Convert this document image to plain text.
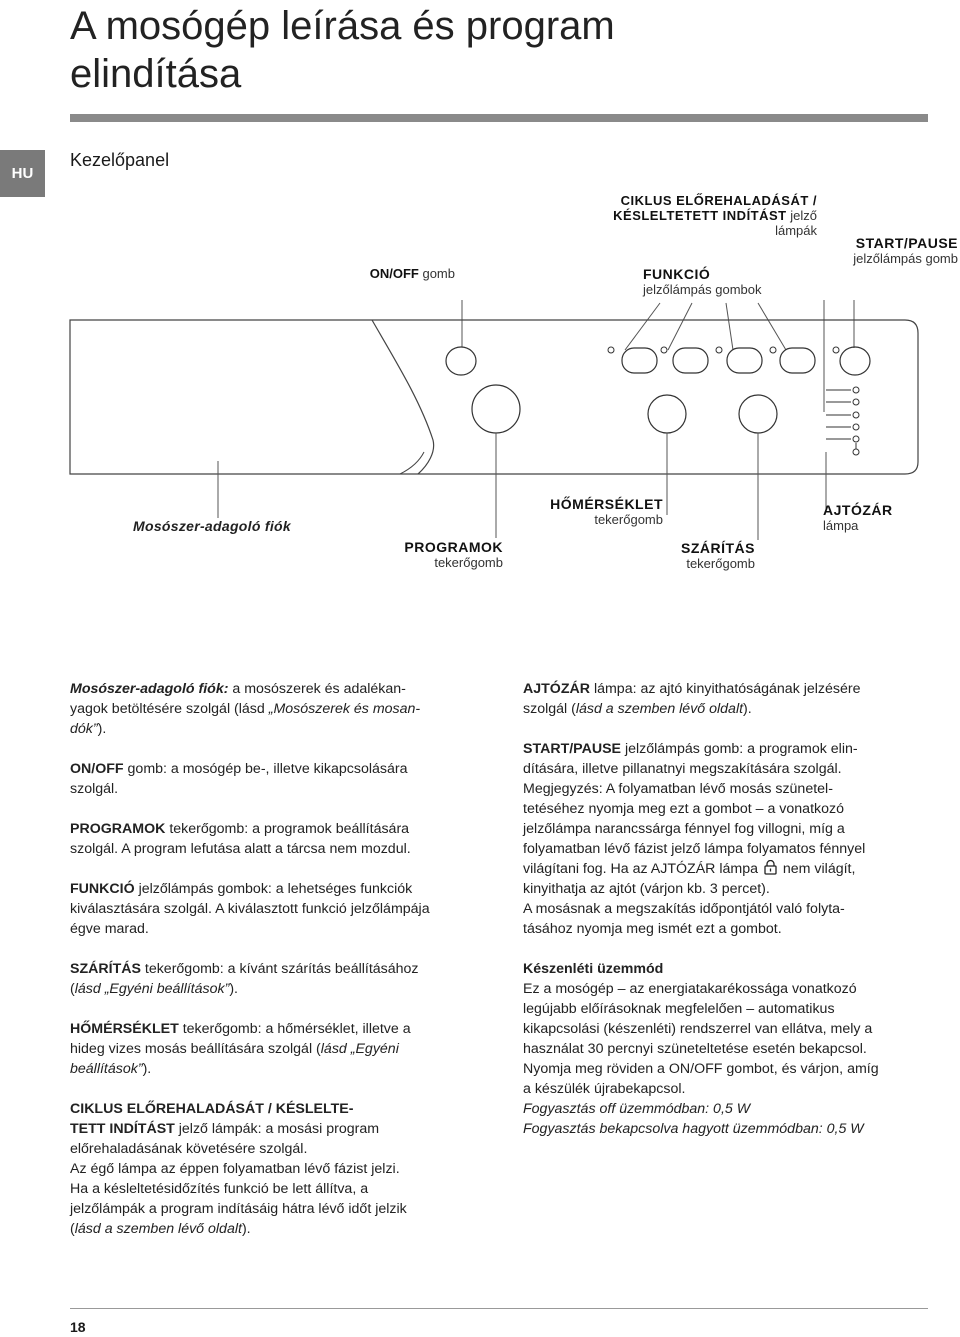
A mosógép leírása és program
elindítása
HU
Kezelőpanel
ON/OFF gomb
CIKLUS ELŐREHALADÁSÁT /
KÉSLELTETETT INDÍTÁST jelző
lámpák
START/PAUSE
jelzőlámpás gomb
FUNKCIÓ
jelzőlámpás gombok
Mosószer-adagoló fiók
PROGRAMOK
tekerőgomb
HŐMÉRSÉKLET
tekerőgomb
SZÁRÍTÁS
tekerőgomb
AJTÓZÁR
lámpa

Mosószer-adagoló fiók: a mosószerek és adalékan-
yagok betöltésére szolgál (lásd „Mosószerek és mosan-
dók”).

ON/OFF gomb: a mosógép be-, illetve kikapcsolására
szolgál.

PROGRAMOK tekerőgomb: a programok beállítására
szolgál. A program lefutása alatt a tárcsa nem mozdul.

FUNKCIÓ jelzőlámpás gombok: a lehetséges funkciók
kiválasztására szolgál. A kiválasztott funkció jelzőlámpája
égve marad.

SZÁRÍTÁS tekerőgomb: a kívánt szárítás beállításához
(lásd „Egyéni beállítások”).

HŐMÉRSÉKLET tekerőgomb: a hőmérséklet, illetve a
hideg vizes mosás beállítására szolgál (lásd „Egyéni
beállítások”).

CIKLUS ELŐREHALADÁSÁT / KÉSLELTE-
TETT INDÍTÁST jelző lámpák: a mosási program
előrehaladásának követésére szolgál.
Az égő lámpa az éppen folyamatban lévő fázist jelzi.
Ha a késleltetésidőzítés funkció be lett állítva, a
jelzőlámpák a program indításáig hátra lévő időt jelzik
(lásd a szemben lévő oldalt).

AJTÓZÁR lámpa: az ajtó kinyithatóságának jelzésére
szolgál (lásd a szemben lévő oldalt).

START/PAUSE jelzőlámpás gomb: a programok elin-
dítására, illetve pillanatnyi megszakítására szolgál.
Megjegyzés: A folyamatban lévő mosás szünetel-
tetéséhez nyomja meg ezt a gombot – a vonatkozó
jelzőlámpa narancssárga fénnyel fog villogni, míg a
folyamatban lévő fázist jelző lámpa folyamatos fénnyel
világítani fog. Ha az AJTÓZÁR lámpa nem világít,
kinyithatja az ajtót (várjon kb. 3 percet).
A mosásnak a megszakítás időpontjától való folyta-
tásához nyomja meg ismét ezt a gombot.

Készenléti üzemmód
Ez a mosógép – az energiatakarékossága vonatkozó
legújabb előírásoknak megfelelően – automatikus
kikapcsolási (készenléti) rendszerrel van ellátva, mely a
használat 30 percnyi szüneteltetése esetén bekapcsol.
Nyomja meg röviden a ON/OFF gombot, és várjon, amíg
a készülék újrabekapcsol.
Fogyasztás off üzemmódban: 0,5 W
Fogyasztás bekapcsolva hagyott üzemmódban: 0,5 W

18
